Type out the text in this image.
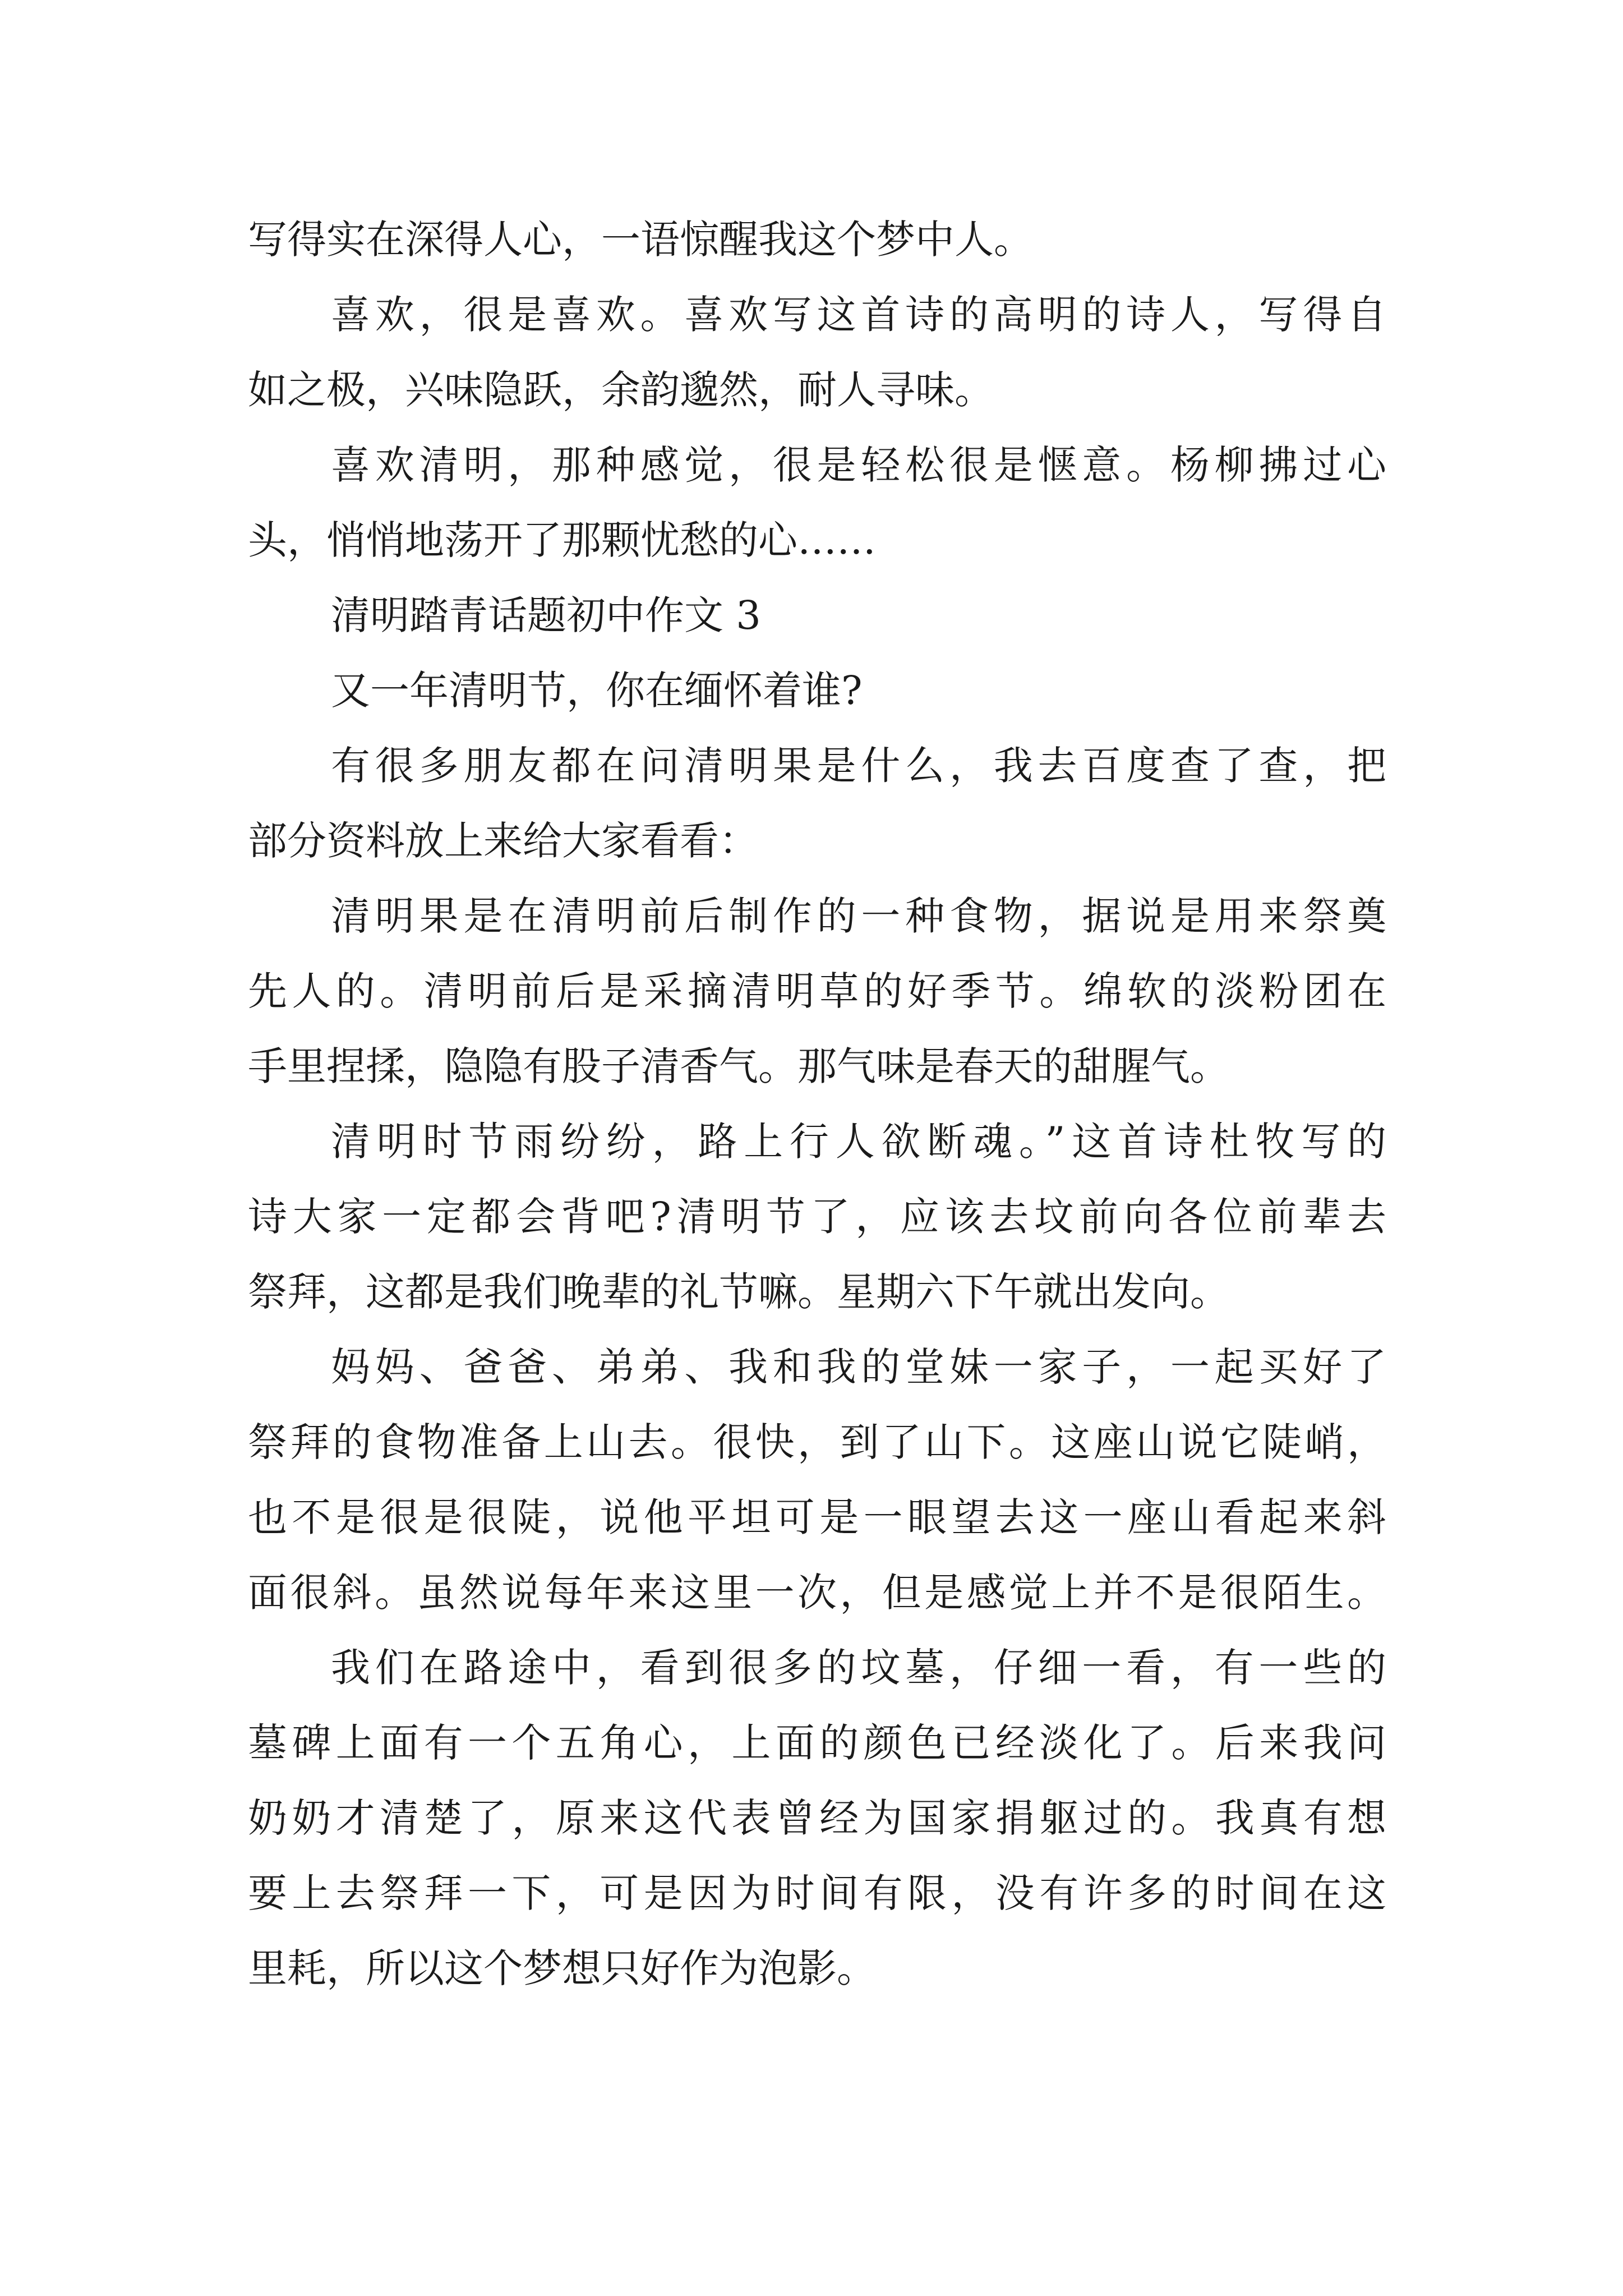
写得实在深得人心，一语惊醒我这个梦中人。
喜欢，很是喜欢。喜欢写这首诗的高明的诗人，写得自
如之极，兴味隐跃，余韵邈然，耐人寻味。
喜欢清明，那种感觉，很是轻松很是惬意。杨柳拂过心
头，悄悄地荡开了那颗忧愁的心……
清明踏青话题初中作文 3
又一年清明节，你在缅怀着谁?
有很多朋友都在问清明果是什么，我去百度查了查，把
部分资料放上来给大家看看：
清明果是在清明前后制作的一种食物，据说是用来祭奠
先人的。清明前后是采摘清明草的好季节。绵软的淡粉团在
手里捏揉，隐隐有股子清香气。那气味是春天的甜腥气。
清明时节雨纷纷，路上行人欲断魂。”这首诗杜牧写的
诗大家一定都会背吧?清明节了，应该去坟前向各位前辈去
祭拜，这都是我们晚辈的礼节嘛。星期六下午就出发向。
妈妈、爸爸、弟弟、我和我的堂妹一家子，一起买好了
祭拜的食物准备上山去。很快，到了山下。这座山说它陡峭，
也不是很是很陡，说他平坦可是一眼望去这一座山看起来斜
面很斜。虽然说每年来这里一次，但是感觉上并不是很陌生。
我们在路途中，看到很多的坟墓，仔细一看，有一些的
墓碑上面有一个五角心，上面的颜色已经淡化了。后来我问
奶奶才清楚了，原来这代表曾经为国家捐躯过的。我真有想
要上去祭拜一下，可是因为时间有限，没有许多的时间在这
里耗，所以这个梦想只好作为泡影。
